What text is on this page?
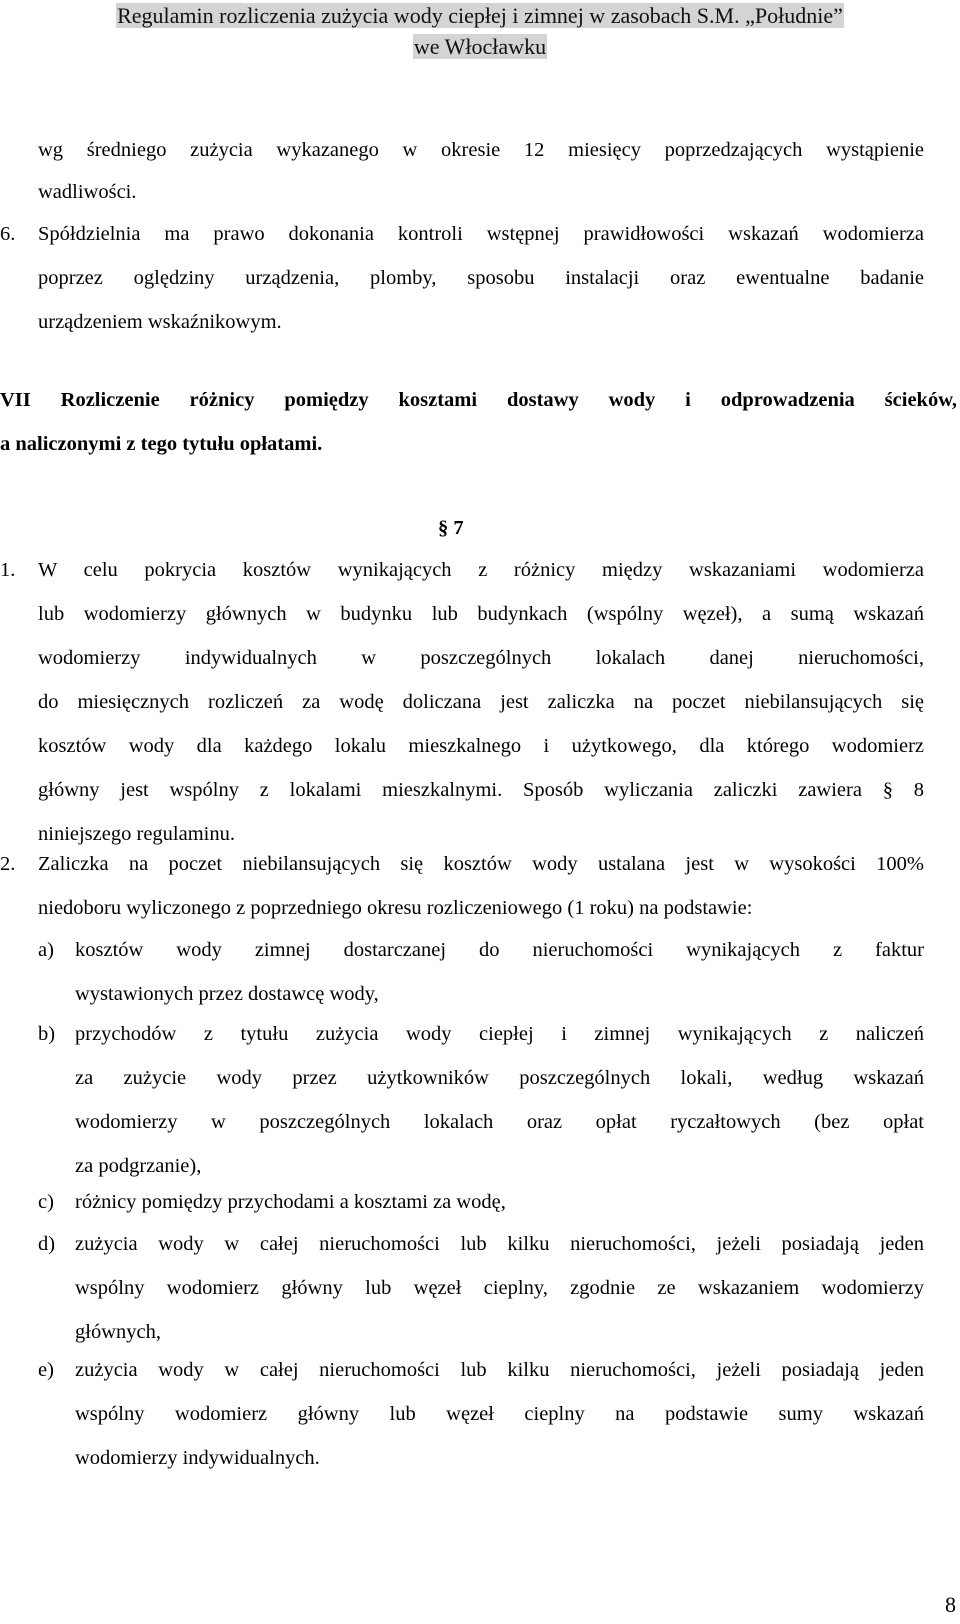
Regulamin rozliczenia zużycia wody ciepłej i zimnej w zasobach S.M. „Południe”
we Włocławku
wg średniego zużycia wykazanego w okresie 12 miesięcy poprzedzających wystąpienie
wadliwości.
6. Spółdzielnia ma prawo dokonania kontroli wstępnej prawidłowości wskazań wodomierza
poprzez oględziny urządzenia, plomby, sposobu instalacji oraz ewentualne badanie
urządzeniem wskaźnikowym.
VII Rozliczenie różnicy pomiędzy kosztami dostawy wody i odprowadzenia ścieków,
a naliczonymi z tego tytułu opłatami.
§ 7
1. W celu pokrycia kosztów wynikających z różnicy między wskazaniami wodomierza
lub wodomierzy głównych w budynku lub budynkach (wspólny węzeł), a sumą wskazań
wodomierzy indywidualnych w poszczególnych lokalach danej nieruchomości,
do miesięcznych rozliczeń za wodę doliczana jest zaliczka na poczet niebilansujących się
kosztów wody dla każdego lokalu mieszkalnego i użytkowego, dla którego wodomierz
główny jest wspólny z lokalami mieszkalnymi. Sposób wyliczania zaliczki zawiera § 8
niniejszego regulaminu.
2. Zaliczka na poczet niebilansujących się kosztów wody ustalana jest w wysokości 100%
niedoboru wyliczonego z poprzedniego okresu rozliczeniowego (1 roku) na podstawie:
a) kosztów wody zimnej dostarczanej do nieruchomości wynikających z faktur
wystawionych przez dostawcę wody,
b) przychodów z tytułu zużycia wody ciepłej i zimnej wynikających z naliczeń
za zużycie wody przez użytkowników poszczególnych lokali, według wskazań
wodomierzy w poszczególnych lokalach oraz opłat ryczałtowych (bez opłat
za podgrzanie),
c) różnicy pomiędzy przychodami a kosztami za wodę,
d) zużycia wody w całej nieruchomości lub kilku nieruchomości, jeżeli posiadają jeden
wspólny wodomierz główny lub węzeł cieplny, zgodnie ze wskazaniem wodomierzy
głównych,
e) zużycia wody w całej nieruchomości lub kilku nieruchomości, jeżeli posiadają jeden
wspólny wodomierz główny lub węzeł cieplny na podstawie sumy wskazań
wodomierzy indywidualnych.
8
